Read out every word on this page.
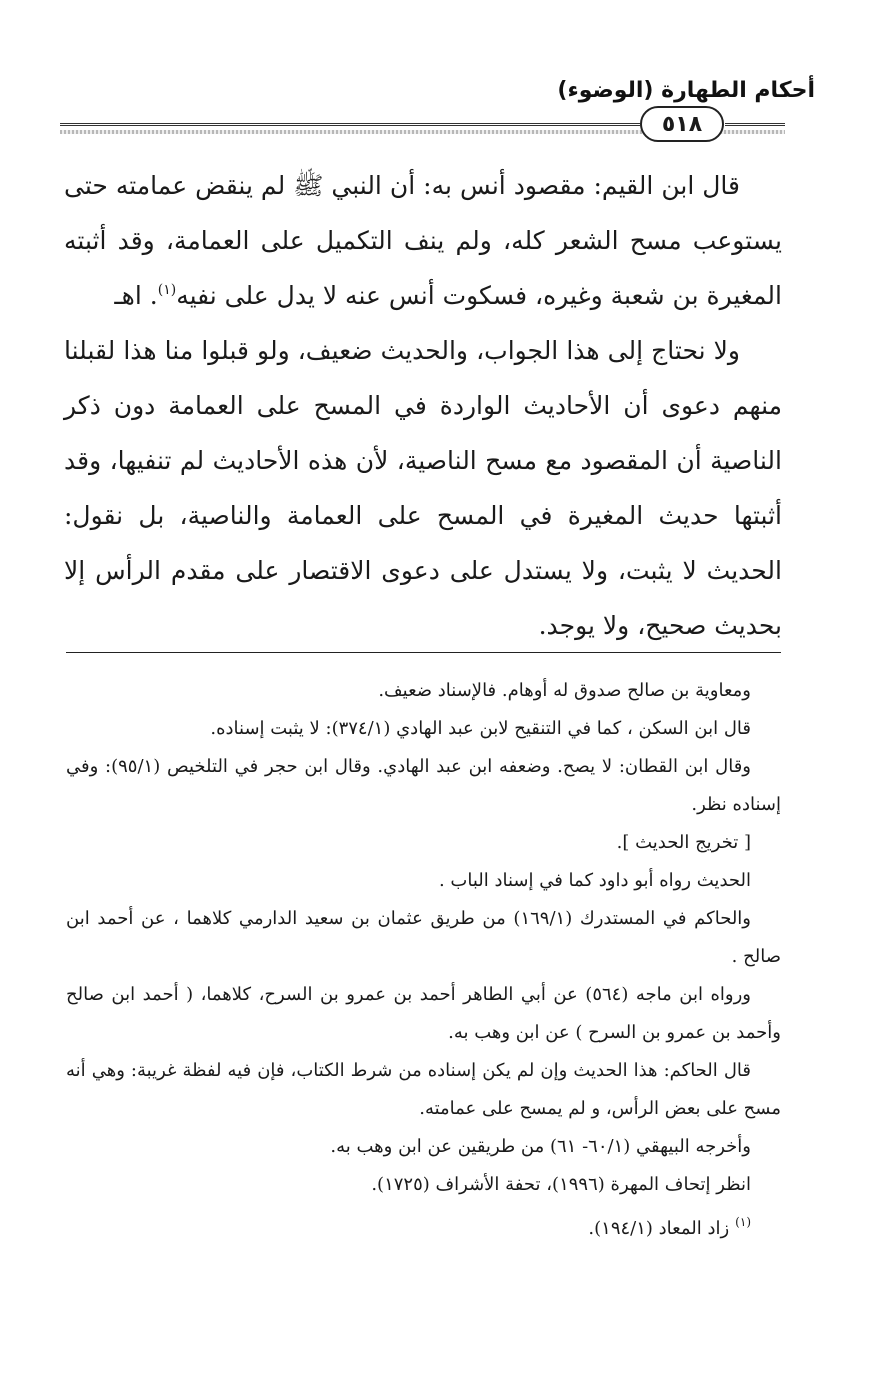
أحكام الطهارة (الوضوء)
٥١٨

قال ابن القيم: مقصود أنس به: أن النبي ﷺ لم ينقض عمامته حتى يستوعب مسح الشعر كله، ولم ينف التكميل على العمامة، وقد أثبته المغيرة بن شعبة وغيره، فسكوت أنس عنه لا يدل على نفيه$^{(١)}$. اهـ

ولا نحتاج إلى هذا الجواب، والحديث ضعيف، ولو قبلوا منا هذا لقبلنا منهم دعوى أن الأحاديث الواردة في المسح على العمامة دون ذكر الناصية أن المقصود مع مسح الناصية، لأن هذه الأحاديث لم تنفيها، وقد أثبتها حديث المغيرة في المسح على العمامة والناصية، بل نقول: الحديث لا يثبت، ولا يستدل على دعوى الاقتصار على مقدم الرأس إلا بحديث صحيح، ولا يوجد.

ومعاوية بن صالح صدوق له أوهام. فالإسناد ضعيف.

قال ابن السكن ، كما في التنقيح لابن عبد الهادي (٣٧٤/١): لا يثبت إسناده.

وقال ابن القطان: لا يصح. وضعفه ابن عبد الهادي. وقال ابن حجر في التلخيص (٩٥/١): وفي إسناده نظر.

[ تخريج الحديث ].

الحديث رواه أبو داود كما في إسناد الباب .

والحاكم في المستدرك (١٦٩/١) من طريق عثمان بن سعيد الدارمي كلاهما ، عن أحمد ابن صالح .

ورواه ابن ماجه (٥٦٤) عن أبي الطاهر أحمد بن عمرو بن السرح، كلاهما، ( أحمد ابن صالح وأحمد بن عمرو بن السرح ) عن ابن وهب به.

قال الحاكم: هذا الحديث وإن لم يكن إسناده من شرط الكتاب، فإن فيه لفظة غريبة: وهي أنه مسح على بعض الرأس، و لم يمسح على عمامته.

وأخرجه البيهقي (٦٠/١- ٦١) من طريقين عن ابن وهب به.

انظر إتحاف المهرة (١٩٩٦)، تحفة الأشراف (١٧٢٥).

$^{(١)}$زاد المعاد (١٩٤/١).
